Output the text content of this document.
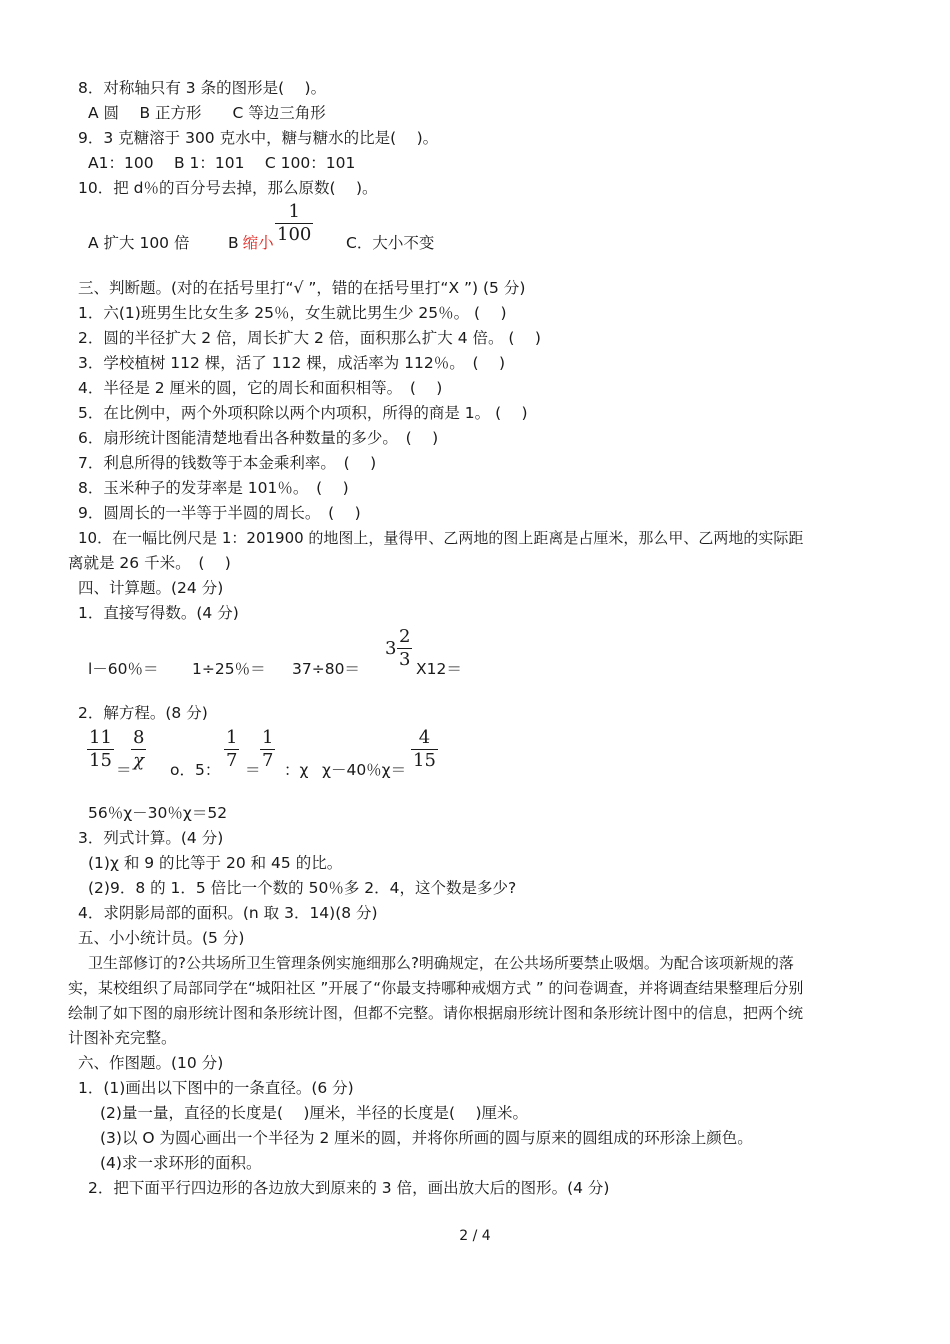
8．对称轴只有 3 条的图形是(　 )。
A 圆　 B 正方形　　C 等边三角形
9．3 克糖溶于 300 克水中，糖与糖水的比是(　 )。
A1：100　 B 1：101　 C 100：101
10．把 d％的百分号去掉，那么原数(　 )。
A 扩大 100 倍 B 缩小
1
100 C．大小不变
三、判断题。(对的在括号里打“√ ”，错的在括号里打“X ”) (5 分)
1．六(1)班男生比女生多 25％，女生就比男生少 25％。 (　 )
2．圆的半径扩大 2 倍，周长扩大 2 倍，面积那么扩大 4 倍。 (　 )
3．学校植树 112 棵，活了 112 棵，成活率为 112％。　(　 )
4．半径是 2 厘米的圆，它的周长和面积相等。　(　 )
5．在比例中，两个外项积除以两个内项积，所得的商是 1。 (　 )
6．扇形统计图能清楚地看出各种数量的多少。　(　 )
7．利息所得的钱数等于本金乘利率。　(　 )
8．玉米种子的发芽率是 101％。　(　 )
9．圆周长的一半等于半圆的周长。　(　 )
10．在一幅比例尺是 1：201900 的地图上，量得甲、乙两地的图上距离是占厘米，那么甲、乙两地的实际距
离就是 26 千米。　(　 )
四、计算题。(24 分)
1．直接写得数。(4 分)
l－60％＝ 1÷25％＝ 37÷80＝
3
2
3 X12＝
2．解方程。(8 分)
11
15 ＝
8
χ o．5：
1
7 ＝
1
7 ：χ χ－40％χ＝
4
15
56％χ－30％χ＝52
3．列式计算。(4 分)
(1)χ 和 9 的比等于 20 和 45 的比。
(2)9．8 的 1．5 倍比一个数的 50％多 2．4，这个数是多少?
4．求阴影局部的面积。(n 取 3．14)(8 分)
五、小小统计员。(5 分)
卫生部修订的?公共场所卫生管理条例实施细那么?明确规定，在公共场所要禁止吸烟。为配合该项新规的落
实，某校组织了局部同学在“城阳社区 ”开展了“你最支持哪种戒烟方式 ” 的问卷调查，并将调查结果整理后分别
绘制了如下图的扇形统计图和条形统计图，但都不完整。请你根据扇形统计图和条形统计图中的信息，把两个统
计图补充完整。
六、作图题。(10 分)
1．(1)画出以下图中的一条直径。(6 分)
(2)量一量，直径的长度是(　 )厘米，半径的长度是(　 )厘米。
(3)以 O 为圆心画出一个半径为 2 厘米的圆，并将你所画的圆与原来的圆组成的环形涂上颜色。
(4)求一求环形的面积。
2．把下面平行四边形的各边放大到原来的 3 倍，画出放大后的图形。(4 分)
2 / 4
